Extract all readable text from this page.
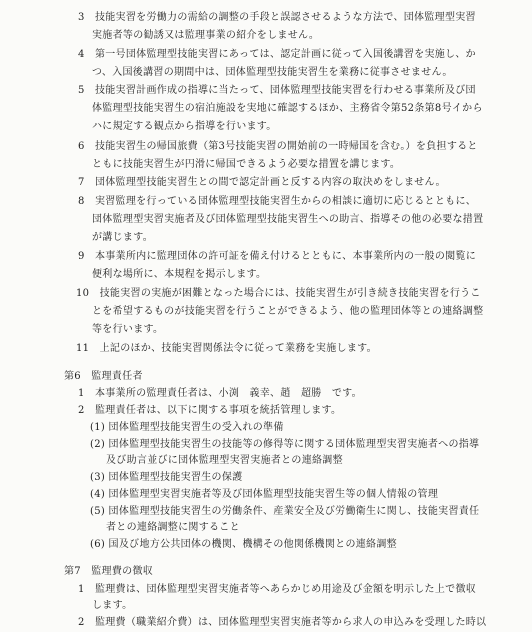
3　技能実習を労働力の需給の調整の手段と誤認させるような方法で、団体監理型実習
実施者等の勧誘又は監理事業の紹介をしません。
4　第一号団体監理型技能実習にあっては、認定計画に従って入国後講習を実施し、か
つ、入国後講習の期間中は、団体監理型技能実習生を業務に従事させません。
5　技能実習計画作成の指導に当たって、団体監理型技能実習を行わせる事業所及び団
体監理型技能実習生の宿泊施設を実地に確認するほか、主務省令第52条第8号イから
ハに規定する観点から指導を行います。
6　技能実習生の帰国旅費（第3号技能実習の開始前の一時帰国を含む。）を負担すると
ともに技能実習生が円滑に帰国できるよう必要な措置を講じます。
7　団体監理型技能実習生との間で認定計画と反する内容の取決めをしません。
8　実習監理を行っている団体監理型技能実習生からの相談に適切に応じるとともに、
団体監理型実習実施者及び団体監理型技能実習生への助言、指導その他の必要な措置
が講じます。
9　本事業所内に監理団体の許可証を備え付けるとともに、本事業所内の一般の閲覧に
便利な場所に、本規程を掲示します。
10　技能実習の実施が困難となった場合には、技能実習生が引き続き技能実習を行うこ
とを希望するものが技能実習を行うことができるよう、他の監理団体等との連絡調整
等を行います。
11　上記のほか、技能実習関係法令に従って業務を実施します。
第6　監理責任者
1　本事業所の監理責任者は、小渕　義幸、趙　超勝　です。
2　監理責任者は、以下に関する事項を統括管理します。
(1) 団体監理型技能実習生の受入れの準備
(2) 団体監理型技能実習生の技能等の修得等に関する団体監理型実習実施者への指導
及び助言並びに団体監理型実習実施者との連絡調整
(3) 団体監理型技能実習生の保護
(4) 団体監理型実習実施者等及び団体監理型技能実習生等の個人情報の管理
(5) 団体監理型技能実習生の労働条件、産業安全及び労働衛生に関し、技能実習責任
者との連絡調整に関すること
(6) 国及び地方公共団体の機関、機構その他関係機関との連絡調整
第7　監理費の徴収
1　監理費は、団体監理型実習実施者等へあらかじめ用途及び金額を明示した上で徴収
します。
2　監理費（職業紹介費）は、団体監理型実習実施者等から求人の申込みを受理した時以
